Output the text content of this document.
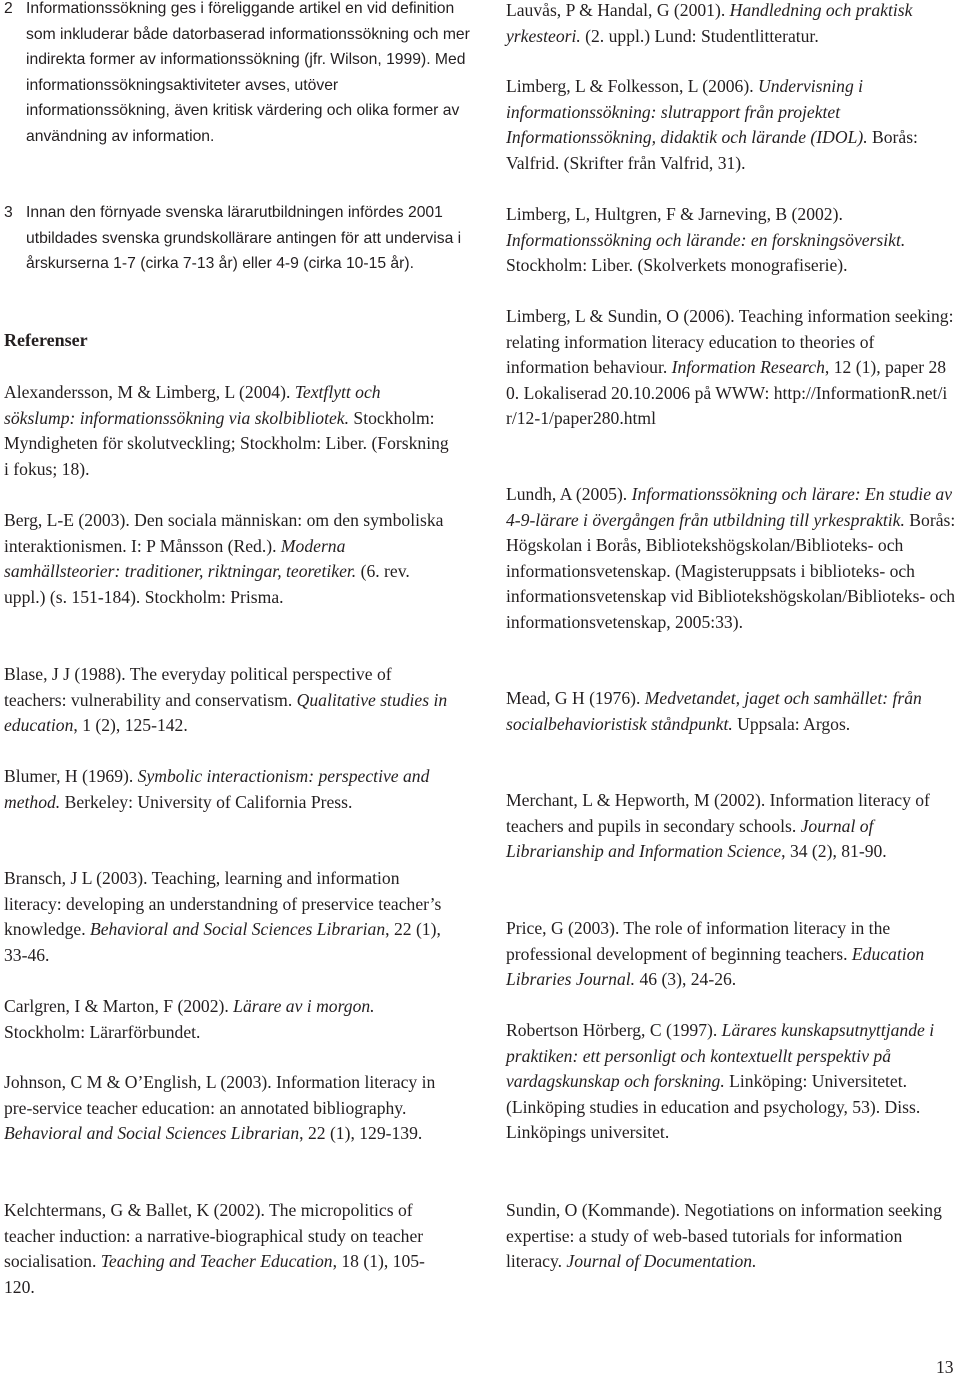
2 Informationssökning ges i föreliggande artikel en vid definition som inkluderar både datorbaserad informationssökning och mer indirekta former av informationssökning (jfr. Wilson, 1999). Med informationssökningsaktiviteter avses, utöver informationssökning, även kritisk värdering och olika former av användning av information.

3 Innan den förnyade svenska lärarutbildningen infördes 2001 utbildades svenska grundskollärare antingen för att undervisa i årskurserna 1-7 (cirka 7-13 år) eller 4-9 (cirka 10-15 år).

Referenser

Alexandersson, M & Limberg, L (2004). Textflytt och sökslump: informationssökning via skolbibliotek. Stockholm: Myndigheten för skolutveckling; Stockholm: Liber. (Forskning i fokus; 18).

Berg, L-E (2003). Den sociala människan: om den symboliska interaktionismen. I: P Månsson (Red.). Moderna samhällsteorier: traditioner, riktningar, teoretiker. (6. rev. uppl.) (s. 151-184). Stockholm: Prisma.

Blase, J J (1988). The everyday political perspective of teachers: vulnerability and conservatism. Qualitative studies in education, 1 (2), 125-142.

Blumer, H (1969). Symbolic interactionism: perspective and method. Berkeley: University of California Press.

Bransch, J L (2003). Teaching, learning and information literacy: developing an understandning of preservice teacher’s knowledge. Behavioral and Social Sciences Librarian, 22 (1), 33-46.

Carlgren, I & Marton, F (2002). Lärare av i morgon. Stockholm: Lärarförbundet.

Johnson, C M & O’English, L (2003). Information literacy in pre-service teacher education: an annotated bibliography. Behavioral and Social Sciences Librarian, 22 (1), 129-139.

Kelchtermans, G & Ballet, K (2002). The micropolitics of teacher induction: a narrative-biographical study on teacher socialisation. Teaching and Teacher Education, 18 (1), 105-120.

Lauvås, P & Handal, G (2001). Handledning och praktisk yrkesteori. (2. uppl.) Lund: Studentlitteratur.

Limberg, L & Folkesson, L (2006). Undervisning i informationssökning: slutrapport från projektet Informationssökning, didaktik och lärande (IDOL). Borås: Valfrid. (Skrifter från Valfrid, 31).

Limberg, L, Hultgren, F & Jarneving, B (2002). Informationssökning och lärande: en forskningsöversikt. Stockholm: Liber. (Skolverkets monografiserie).

Limberg, L & Sundin, O (2006). Teaching information seeking: relating information literacy education to theories of information behaviour. Information Research, 12 (1), paper 280. Lokaliserad 20.10.2006 på WWW: http://InformationR.net/ir/12-1/paper280.html

Lundh, A (2005). Informationssökning och lärare: En studie av 4-9-lärare i övergången från utbildning till yrkespraktik. Borås: Högskolan i Borås, Bibliotekshögskolan/Biblioteks- och informationsvetenskap. (Magisteruppsats i biblioteks- och informationsvetenskap vid Bibliotekshögskolan/Biblioteks- och informationsvetenskap, 2005:33).

Mead, G H (1976). Medvetandet, jaget och samhället: från socialbehavioristisk ståndpunkt. Uppsala: Argos.

Merchant, L & Hepworth, M (2002). Information literacy of teachers and pupils in secondary schools. Journal of Librarianship and Information Science, 34 (2), 81-90.

Price, G (2003). The role of information literacy in the professional development of beginning teachers. Education Libraries Journal. 46 (3), 24-26.

Robertson Hörberg, C (1997). Lärares kunskapsutnyttjande i praktiken: ett personligt och kontextuellt perspektiv på vardagskunskap och forskning. Linköping: Universitetet. (Linköping studies in education and psychology, 53). Diss. Linköpings universitet.

Sundin, O (Kommande). Negotiations on information seeking expertise: a study of web-based tutorials for information literacy. Journal of Documentation.

13
